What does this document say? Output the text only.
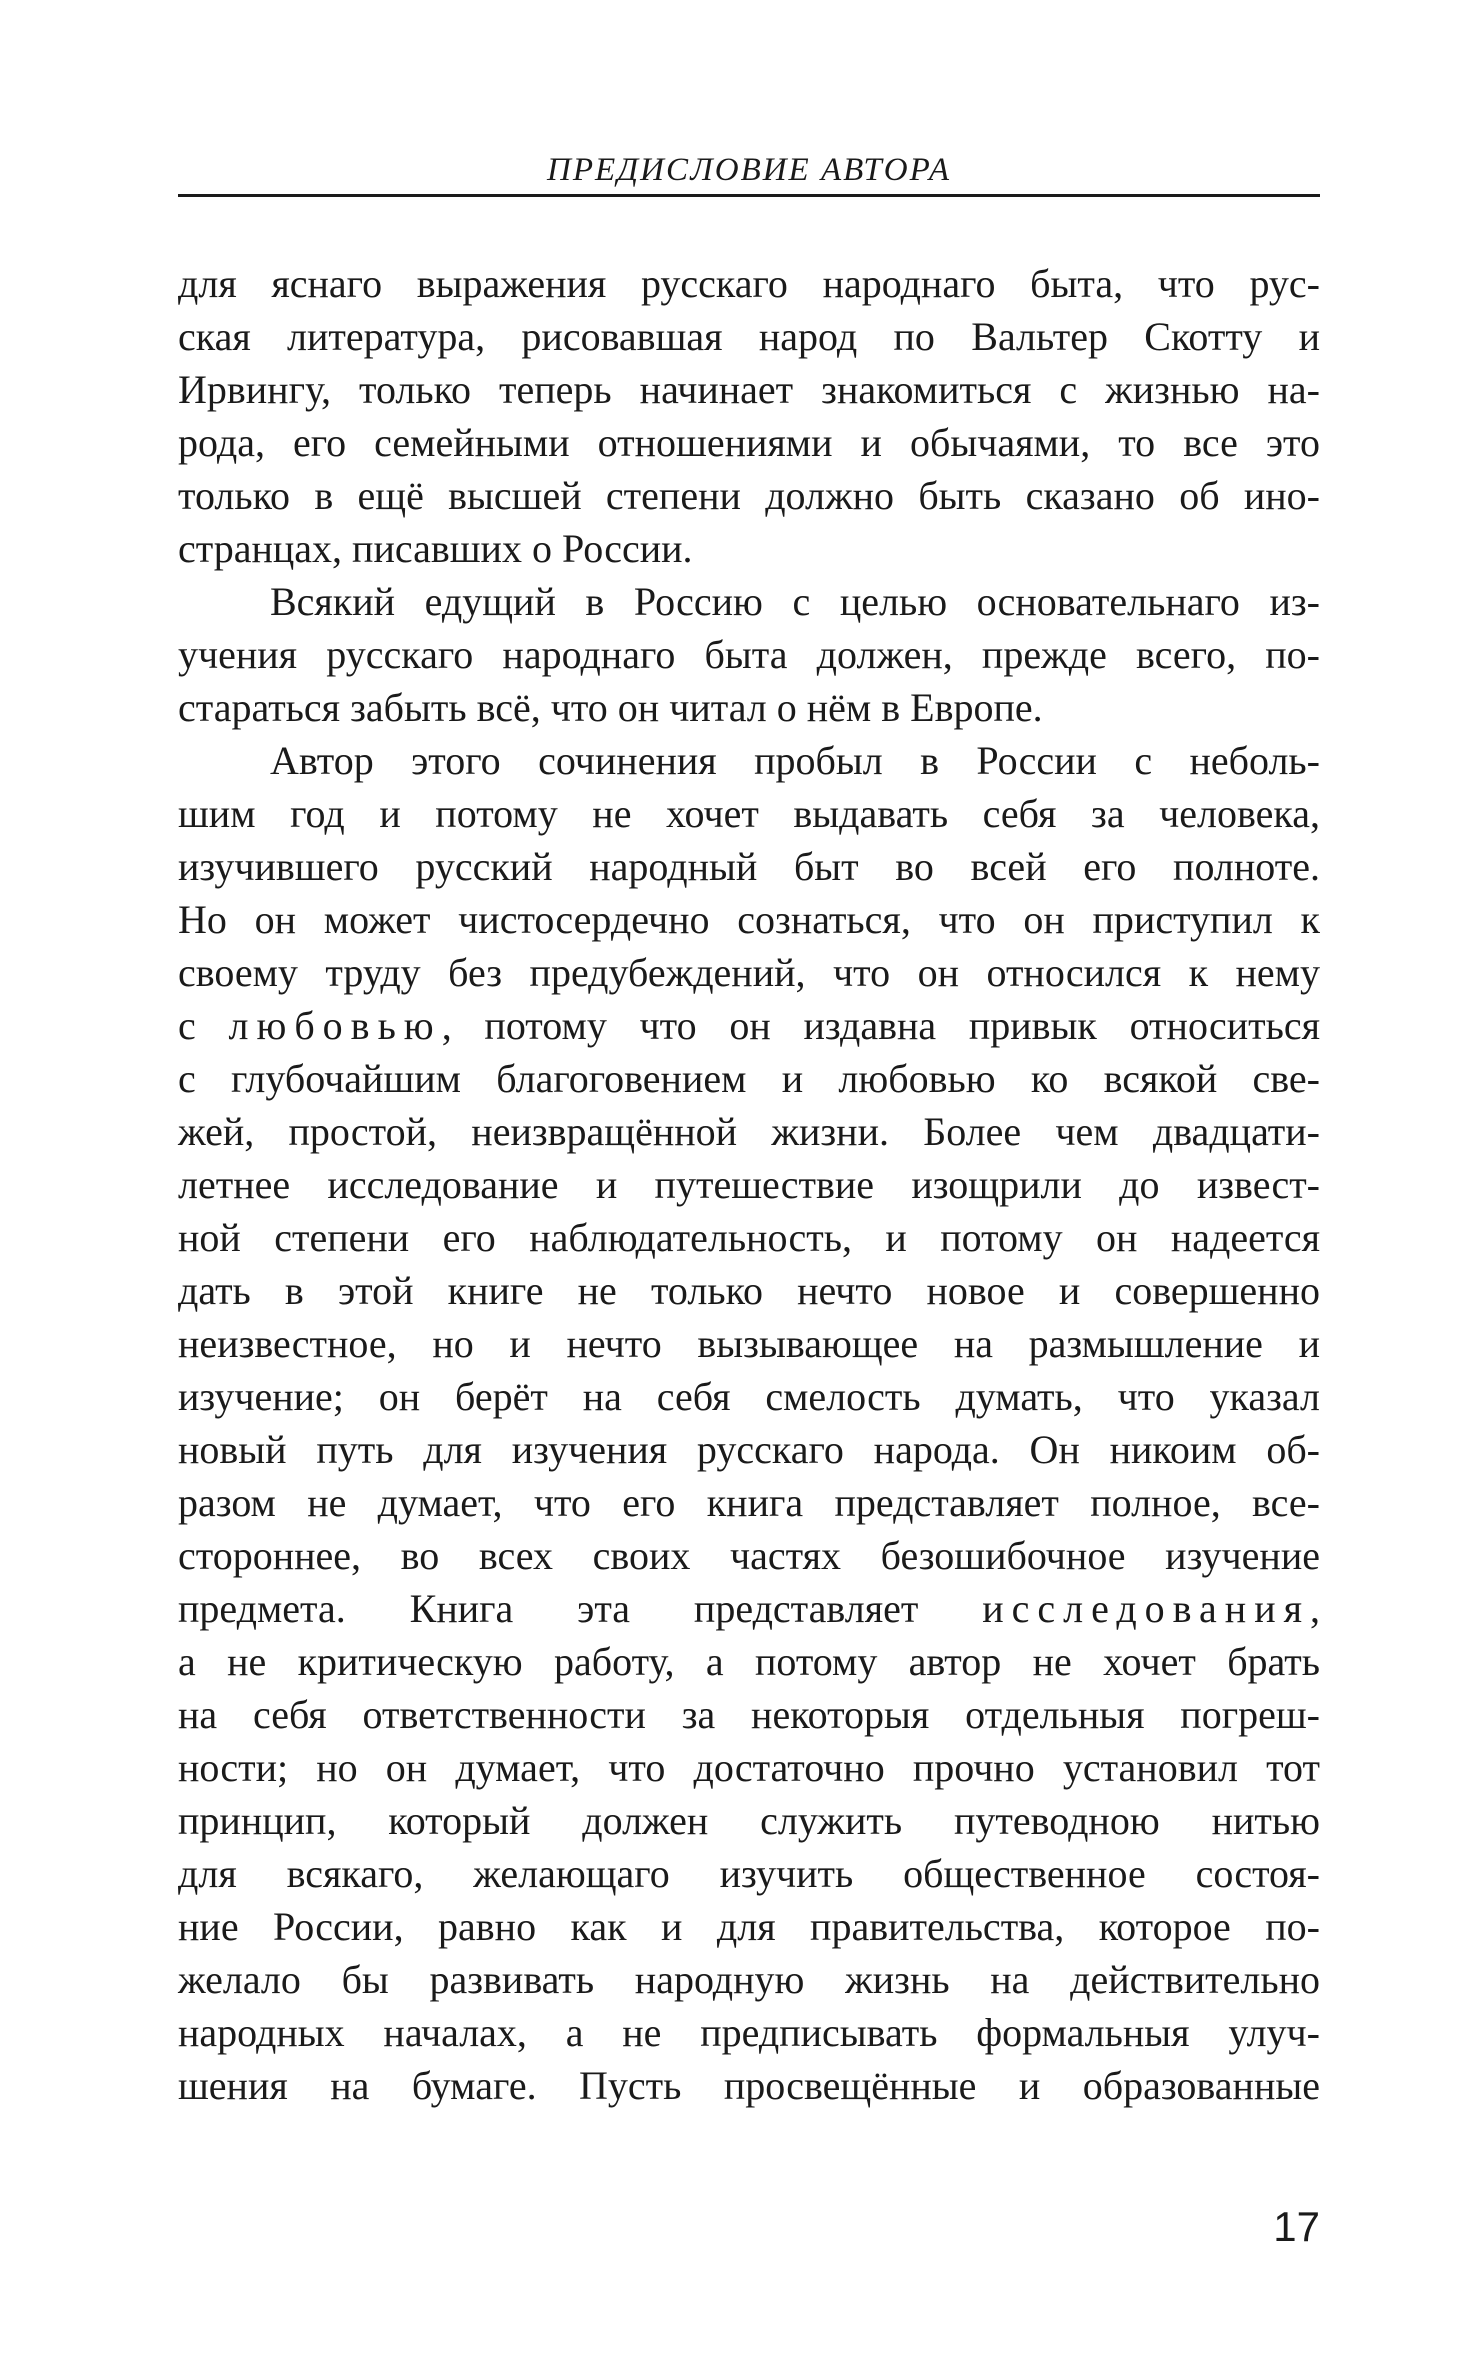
ПРЕДИСЛОВИЕ АВТОРА
для яснаго выражения русскаго народнаго быта, что рус-
ская литература, рисовавшая народ по Вальтер Скотту и
Ирвингу, только теперь начинает знакомиться с жизнью на-
рода, его семейными отношениями и обычаями, то все это
только в ещё высшей степени должно быть сказано об ино-
странцах, писавших о России.
Всякий едущий в Россию с целью основательнаго из-
учения русскаго народнаго быта должен, прежде всего, по-
стараться забыть всё, что он читал о нём в Европе.
Автор этого сочинения пробыл в России с неболь-
шим год и потому не хочет выдавать себя за человека,
изучившего русский народный быт во всей его полноте.
Но он может чистосердечно сознаться, что он приступил к
своему труду без предубеждений, что он относился к нему
с любовью, потому что он издавна привык относиться
с глубочайшим благоговением и любовью ко всякой све-
жей, простой, неизвращённой жизни. Более чем двадцати-
летнее исследование и путешествие изощрили до извест-
ной степени его наблюдательность, и потому он надеется
дать в этой книге не только нечто новое и совершенно
неизвестное, но и нечто вызывающее на размышление и
изучение; он берёт на себя смелость думать, что указал
новый путь для изучения русскаго народа. Он никоим об-
разом не думает, что его книга представляет полное, все-
стороннее, во всех своих частях безошибочное изучение
предмета. Книга эта представляет исследования,
а не критическую работу, а потому автор не хочет брать
на себя ответственности за некоторыя отдельныя погреш-
ности; но он думает, что достаточно прочно установил тот
принцип, который должен служить путеводною нитью
для всякаго, желающаго изучить общественное состоя-
ние России, равно как и для правительства, которое по-
желало бы развивать народную жизнь на действительно
народных началах, а не предписывать формальныя улуч-
шения на бумаге. Пусть просвещённые и образованные
17
